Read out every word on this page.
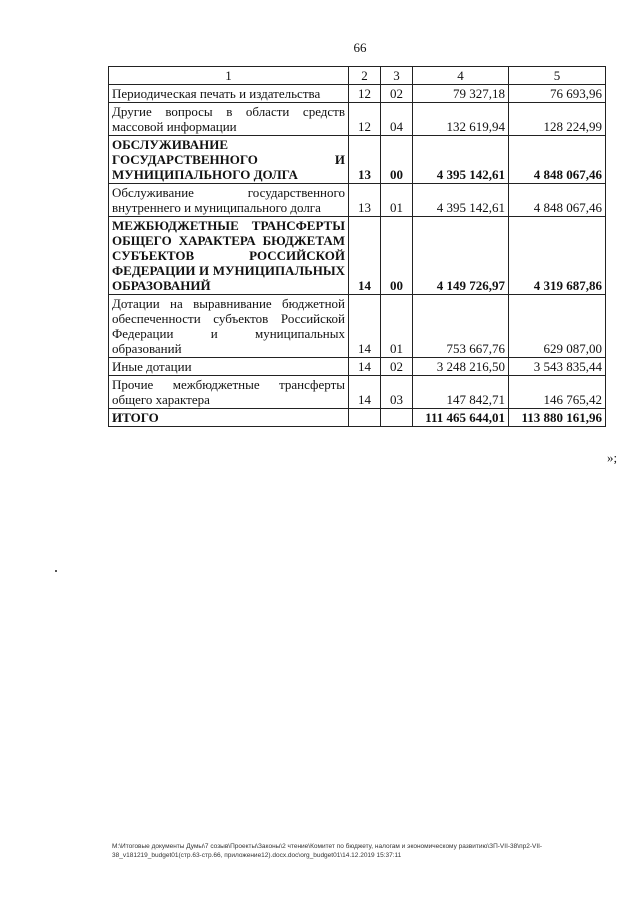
66
1	2	3	4	5
Периодическая печать и издательства	12	02	79 327,18	76 693,96
Другие вопросы в области средств массовой информации	12	04	132 619,94	128 224,99
ОБСЛУЖИВАНИЕ ГОСУДАРСТВЕННОГО И МУНИЦИПАЛЬНОГО ДОЛГА	13	00	4 395 142,61	4 848 067,46
Обслуживание государственного внутреннего и муниципального долга	13	01	4 395 142,61	4 848 067,46
МЕЖБЮДЖЕТНЫЕ ТРАНСФЕРТЫ ОБЩЕГО ХАРАКТЕРА БЮДЖЕТАМ СУБЪЕКТОВ РОССИЙСКОЙ ФЕДЕРАЦИИ И МУНИЦИПАЛЬНЫХ ОБРАЗОВАНИЙ	14	00	4 149 726,97	4 319 687,86
Дотации на выравнивание бюджетной обеспеченности субъектов Российской Федерации и муниципальных образований	14	01	753 667,76	629 087,00
Иные дотации	14	02	3 248 216,50	3 543 835,44
Прочие межбюджетные трансферты общего характера	14	03	147 842,71	146 765,42
ИТОГО			111 465 644,01	113 880 161,96
»;
М:\Итоговые документы Думы\7 созыв\Проекты\Законы\2 чтение\Комитет по бюджету, налогам и экономическому развитию\ЗП-VII-38\пр2-VII-38_v181219_budget01(стр.63-стр.66, приложение12).docx.doc\org_budget01\14.12.2019 15:37:11
